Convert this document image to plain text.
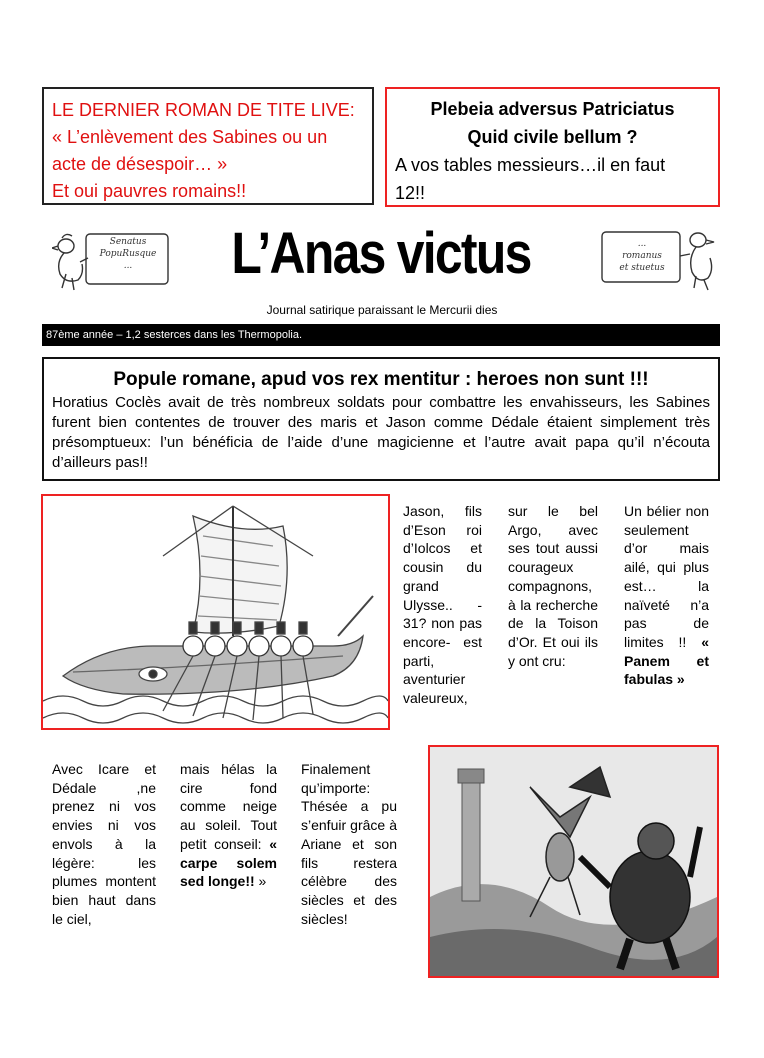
LE DERNIER ROMAN DE TITE LIVE:
« L’enlèvement des Sabines ou un
acte de désespoir… »
Et oui pauvres romains!!
Plebeia adversus Patriciatus
Quid civile bellum ?
A vos tables messieurs…il en faut
12!!
Senatus
PopuRusque
...	L’Anas victus	...
romanus
et stuetus
Journal satirique paraissant le Mercurii dies
87ème année – 1,2 sesterces dans les Thermopolia.
Popule romane, apud vos rex mentitur : heroes non sunt !!!
Horatius Coclès avait de très nombreux soldats pour combattre les envahisseurs, les Sabines furent bien contentes de trouver des maris et Jason comme Dédale étaient simplement très présomptueux: l’un bénéficia de l’aide d’une magicienne et l’autre avait papa qu’il n’écouta d’ailleurs pas!!
Jason, fils d’Eson roi d’Iolcos et cousin du grand Ulysse.. - 31? non pas encore- est parti, aventurier valeureux,
sur le bel Argo, avec ses tout aussi courageux compagnons, à la recherche de la Toison d’Or. Et oui ils y ont cru:
Un bélier non seulement d’or mais ailé, qui plus est… la naïveté n’a pas de limites !! « Panem et fabulas »
Avec Icare et Dédale ,ne prenez ni vos envies ni vos envols à la légère: les plumes montent bien haut dans le ciel,
mais hélas la cire fond comme neige au soleil. Tout petit conseil: « carpe solem sed longe!! »
Finalement qu’importe: Thésée a pu s’enfuir grâce à Ariane et son fils restera célèbre des siècles et des siècles!
